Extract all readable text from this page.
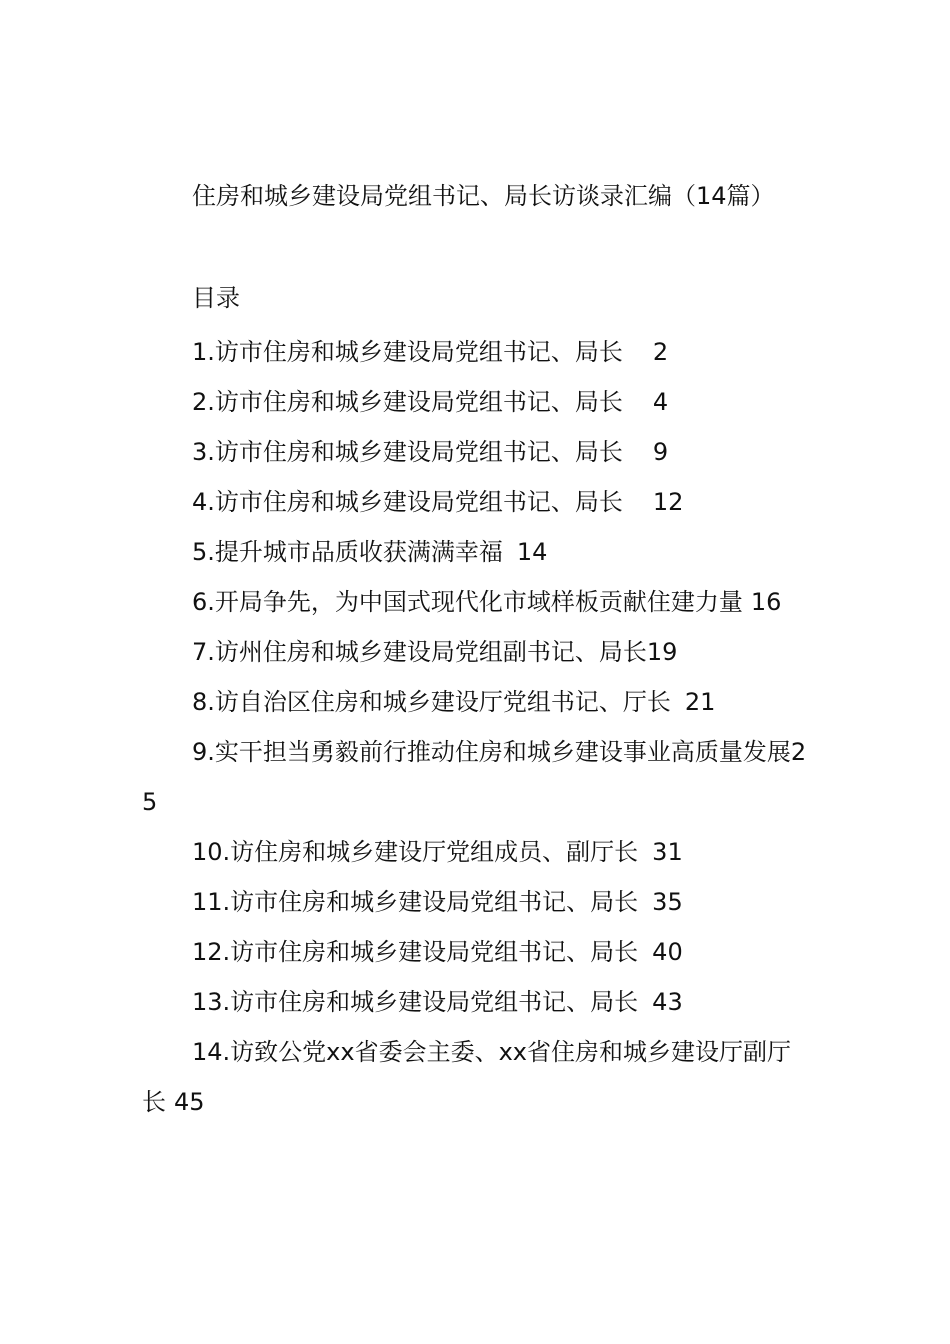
住房和城乡建设局党组书记、局长访谈录汇编（14篇）
目录
1.访市住房和城乡建设局党组书记、局长 2
2.访市住房和城乡建设局党组书记、局长 4
3.访市住房和城乡建设局党组书记、局长 9
4.访市住房和城乡建设局党组书记、局长 12
5.提升城市品质收获满满幸福 14
6.开局争先，为中国式现代化市域样板贡献住建力量 16
7.访州住房和城乡建设局党组副书记、局长19
8.访自治区住房和城乡建设厅党组书记、厅长 21
9.实干担当勇毅前行推动住房和城乡建设事业高质量发展25
10.访住房和城乡建设厅党组成员、副厅长 31
11.访市住房和城乡建设局党组书记、局长 35
12.访市住房和城乡建设局党组书记、局长 40
13.访市住房和城乡建设局党组书记、局长 43
14.访致公党xx省委会主委、xx省住房和城乡建设厅副厅长 45
